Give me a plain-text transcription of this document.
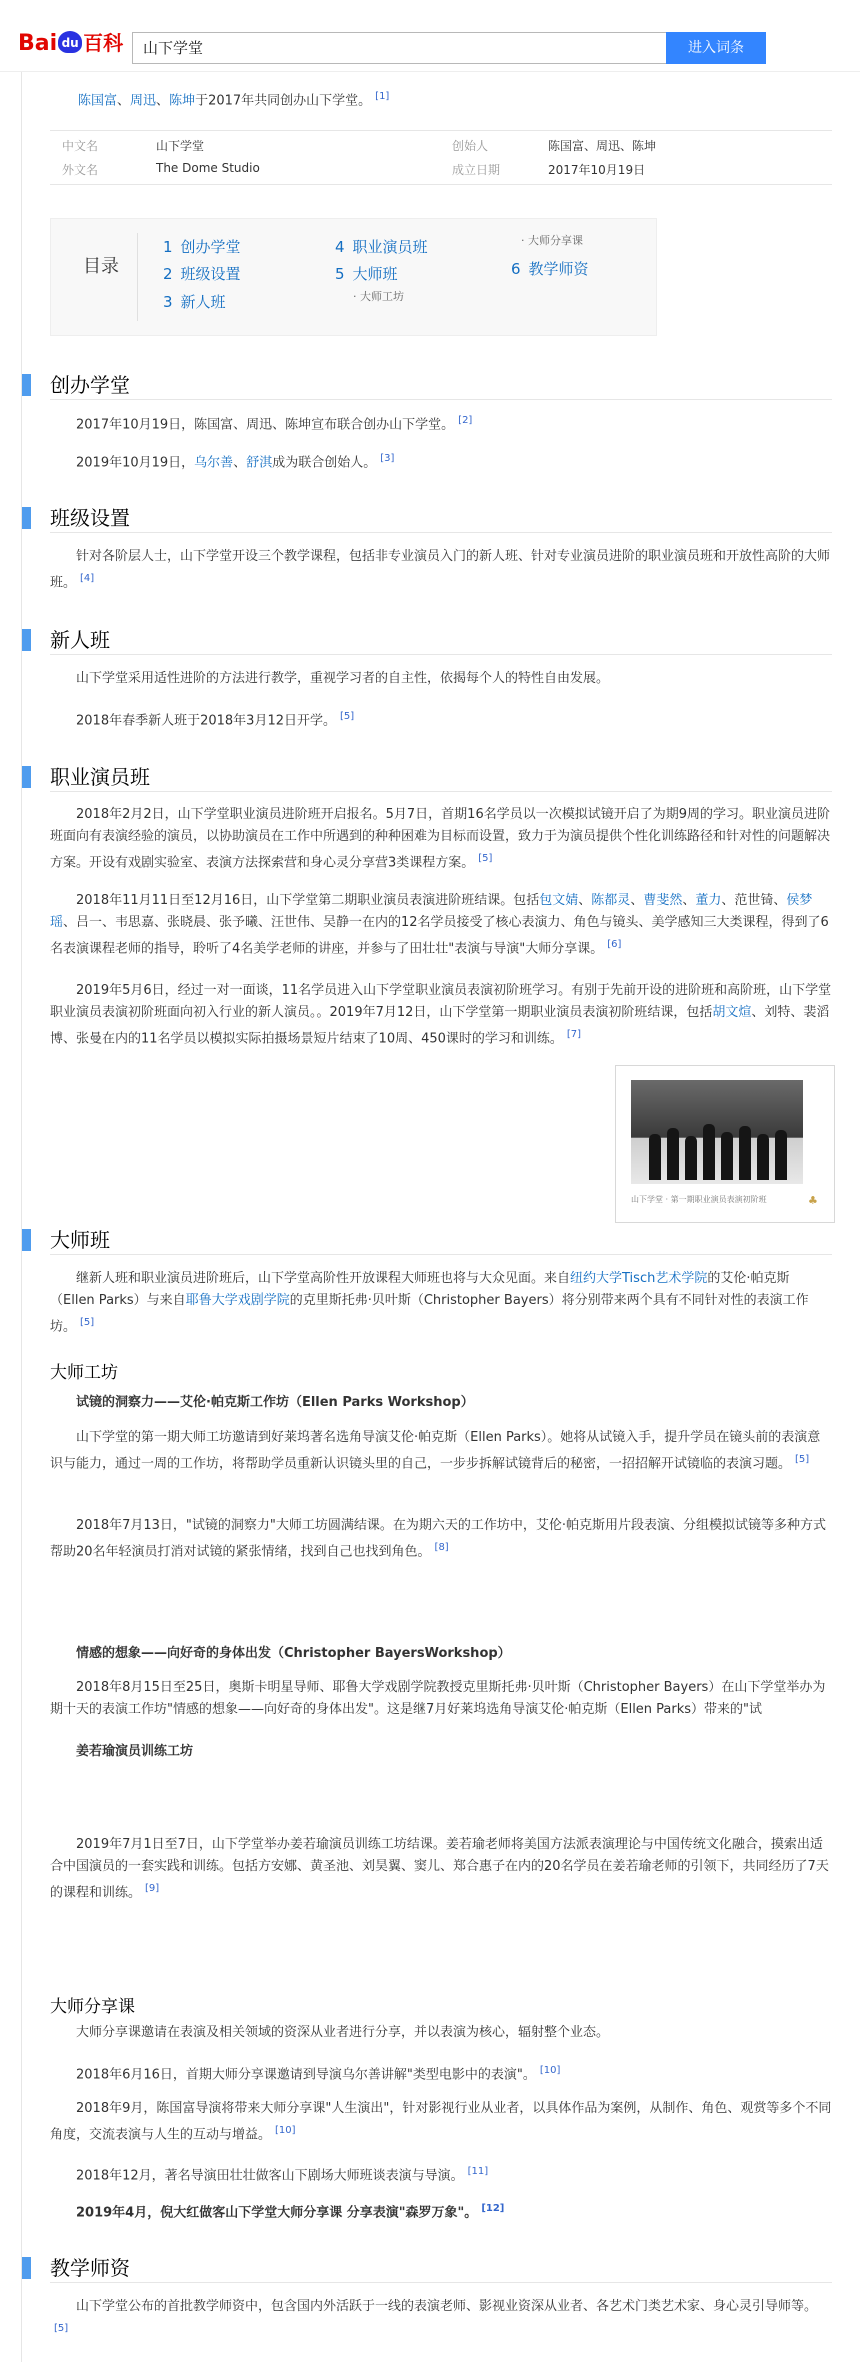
Bai du 百科	山下学堂	进入词条
陈国富、周迅、陈坤于2017年共同创办山下学堂。 [1]
中文名	山下学堂	创始人	陈国富、周迅、陈坤
外文名	The Dome Studio	成立日期	2017年10月19日
目录
1 创办学堂
2 班级设置
3 新人班
4 职业演员班
5 大师班
· 大师工坊
· 大师分享课
6 教学师资
创办学堂
2017年10月19日，陈国富、周迅、陈坤宣布联合创办山下学堂。 [2]
2019年10月19日，乌尔善、舒淇成为联合创始人。 [3]
班级设置
针对各阶层人士，山下学堂开设三个教学课程，包括非专业演员入门的新人班、针对专业演员进阶的职业演员班和开放性高阶的大师班。 [4]
新人班
山下学堂采用适性进阶的方法进行教学，重视学习者的自主性，依揭每个人的特性自由发展。
2018年春季新人班于2018年3月12日开学。 [5]
职业演员班
2018年2月2日，山下学堂职业演员进阶班开启报名。5月7日，首期16名学员以一次模拟试镜开启了为期9周的学习。职业演员进阶班面向有表演经验的演员，以协助演员在工作中所遇到的种种困难为目标而设置，致力于为演员提供个性化训练路径和针对性的问题解决方案。开设有戏剧实验室、表演方法探索营和身心灵分享营3类课程方案。 [5]
2018年11月11日至12月16日，山下学堂第二期职业演员表演进阶班结课。包括包文婧、陈都灵、曹斐然、董力、范世锜、侯梦瑶、吕一、韦思嘉、张晓晨、张予曦、汪世伟、吴静一在内的12名学员接受了核心表演力、角色与镜头、美学感知三大类课程，得到了6名表演课程老师的指导，聆听了4名美学老师的讲座，并参与了田壮壮"表演与导演"大师分享课。 [6]
2019年5月6日，经过一对一面谈，11名学员进入山下学堂职业演员表演初阶班学习。有别于先前开设的进阶班和高阶班，山下学堂职业演员表演初阶班面向初入行业的新人演员。。2019年7月12日，山下学堂第一期职业演员表演初阶班结课，包括胡文煊、刘特、裴滔博、张曼在内的11名学员以模拟实际拍摄场景短片结束了10周、450课时的学习和训练。 [7]
山下学堂 · 第一期职业演员表演初阶班	♣
大师班
继新人班和职业演员进阶班后，山下学堂高阶性开放课程大师班也将与大众见面。来自纽约大学Tisch艺术学院的艾伦·帕克斯（Ellen Parks）与来自耶鲁大学戏剧学院的克里斯托弗·贝叶斯（Christopher Bayers）将分别带来两个具有不同针对性的表演工作坊。 [5]
大师工坊
试镜的洞察力——艾伦·帕克斯工作坊（Ellen Parks Workshop）
山下学堂的第一期大师工坊邀请到好莱坞著名选角导演艾伦·帕克斯（Ellen Parks）。她将从试镜入手，提升学员在镜头前的表演意识与能力，通过一周的工作坊，将帮助学员重新认识镜头里的自己，一步步拆解试镜背后的秘密，一招招解开试镜临的表演习题。 [5]
2018年7月13日，"试镜的洞察力"大师工坊圆满结课。在为期六天的工作坊中，艾伦·帕克斯用片段表演、分组模拟试镜等多种方式帮助20名年轻演员打消对试镜的紧张情绪，找到自己也找到角色。 [8]
情感的想象——向好奇的身体出发（Christopher BayersWorkshop）
2018年8月15日至25日，奥斯卡明星导师、耶鲁大学戏剧学院教授克里斯托弗·贝叶斯（Christopher Bayers）在山下学堂举办为期十天的表演工作坊"情感的想象——向好奇的身体出发"。这是继7月好莱坞选角导演艾伦·帕克斯（Ellen Parks）带来的"试
姜若瑜演员训练工坊
2019年7月1日至7日，山下学堂举办姜若瑜演员训练工坊结课。姜若瑜老师将美国方法派表演理论与中国传统文化融合，摸索出适合中国演员的一套实践和训练。包括方安娜、黄圣池、刘昊翼、窦儿、郑合惠子在内的20名学员在姜若瑜老师的引领下，共同经历了7天的课程和训练。 [9]
大师分享课
大师分享课邀请在表演及相关领域的资深从业者进行分享，并以表演为核心，辐射整个业态。
2018年6月16日，首期大师分享课邀请到导演乌尔善讲解"类型电影中的表演"。 [10]
2018年9月，陈国富导演将带来大师分享课"人生演出"，针对影视行业从业者，以具体作品为案例，从制作、角色、观赏等多个不同角度，交流表演与人生的互动与增益。 [10]
2018年12月，著名导演田壮壮做客山下剧场大师班谈表演与导演。 [11]
2019年4月，倪大红做客山下学堂大师分享课 分享表演"森罗万象"。 [12]
教学师资
山下学堂公布的首批教学师资中，包含国内外活跃于一线的表演老师、影视业资深从业者、各艺术门类艺术家、身心灵引导师等。[5]
